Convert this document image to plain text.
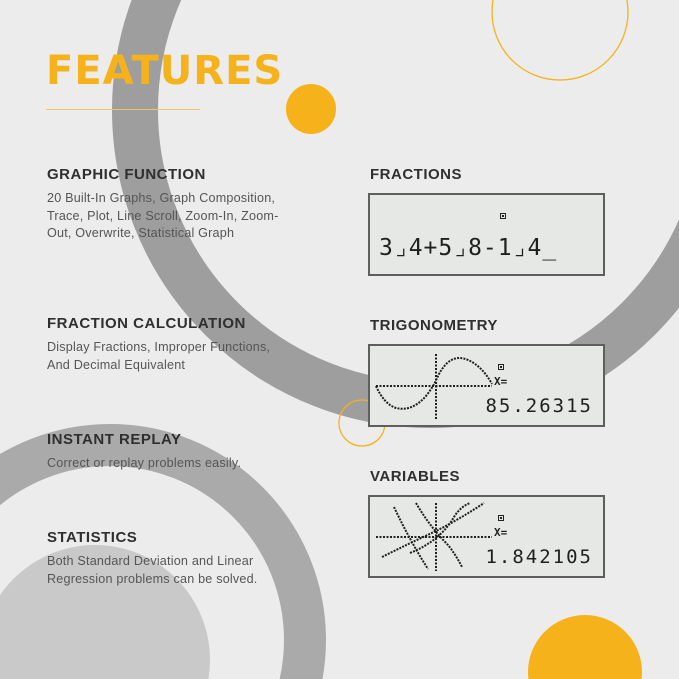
FEATURES
GRAPHIC FUNCTION

20 Built-In Graphs, Graph Composition, Trace, Plot, Line Scroll, Zoom-In, Zoom-Out, Overwrite, Statistical Graph

FRACTION CALCULATION

Display Fractions, Improper Functions, And Decimal Equivalent

INSTANT REPLAY

Correct or replay problems easily.

STATISTICS

Both Standard Deviation and Linear Regression problems can be solved.

FRACTIONS
3⌟4+5⌟8-1⌟4_
TRIGONOMETRY
X=
85.26315
VARIABLES
X=
1.842105
